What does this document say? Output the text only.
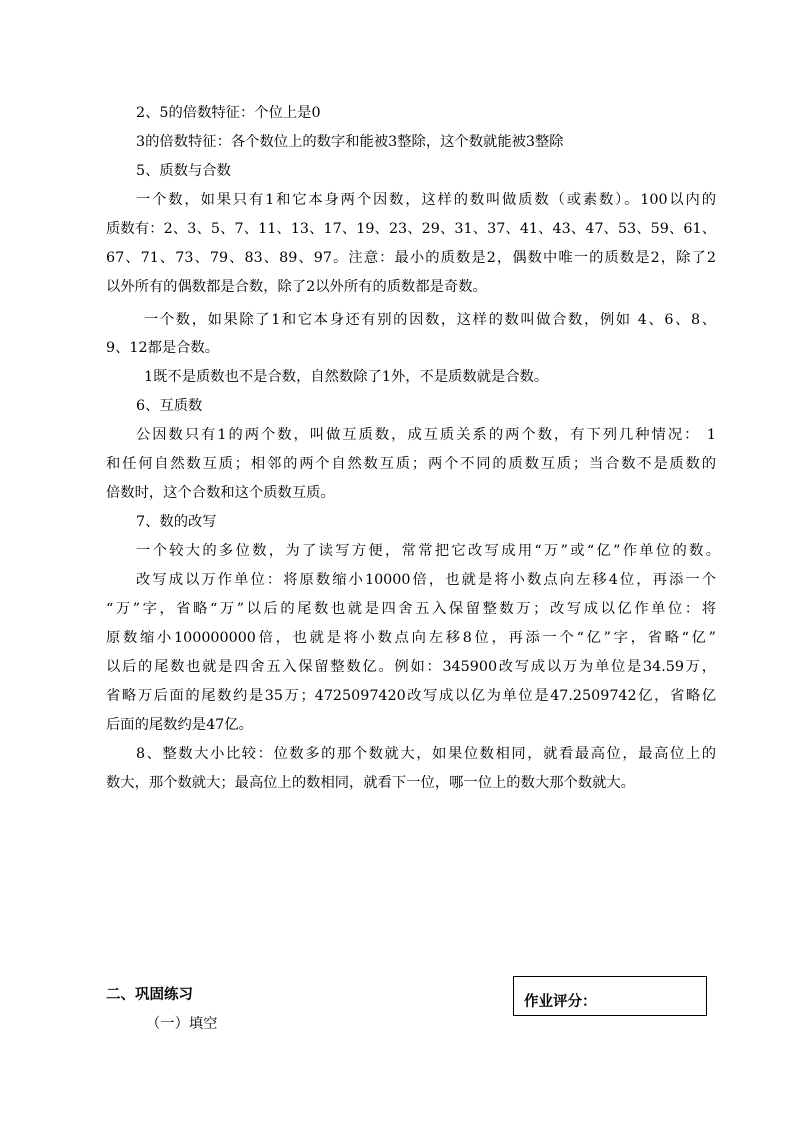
2、5的倍数特征：个位上是0
3的倍数特征：各个数位上的数字和能被3整除，这个数就能被3整除
5、质数与合数
一个数，如果只有1和它本身两个因数，这样的数叫做质数（或素数）。100以内的
质数有：2、3、5、7、11、13、17、19、23、29、31、37、41、43、47、53、59、61、
67、71、73、79、83、89、97。注意：最小的质数是2，偶数中唯一的质数是2，除了2
以外所有的偶数都是合数，除了2以外所有的质数都是奇数。
一个数，如果除了1和它本身还有别的因数，这样的数叫做合数，例如 4、6、8、
9、12都是合数。
1既不是质数也不是合数，自然数除了1外，不是质数就是合数。
6、互质数
公因数只有1的两个数，叫做互质数，成互质关系的两个数，有下列几种情况： 1
和任何自然数互质；相邻的两个自然数互质；两个不同的质数互质；当合数不是质数的
倍数时，这个合数和这个质数互质。
7、数的改写
一个较大的多位数，为了读写方便，常常把它改写成用“万”或“亿”作单位的数。
改写成以万作单位：将原数缩小10000倍，也就是将小数点向左移4位，再添一个
“万”字，省略“万”以后的尾数也就是四舍五入保留整数万；改写成以亿作单位：将
原数缩小100000000倍，也就是将小数点向左移8位，再添一个“亿”字，省略“亿”
以后的尾数也就是四舍五入保留整数亿。例如：345900改写成以万为单位是34.59万，
省略万后面的尾数约是35万；4725097420改写成以亿为单位是47.2509742亿，省略亿
后面的尾数约是47亿。
8、整数大小比较：位数多的那个数就大，如果位数相同，就看最高位，最高位上的
数大，那个数就大；最高位上的数相同，就看下一位，哪一位上的数大那个数就大。
二、巩固练习
（一）填空
作业评分：
